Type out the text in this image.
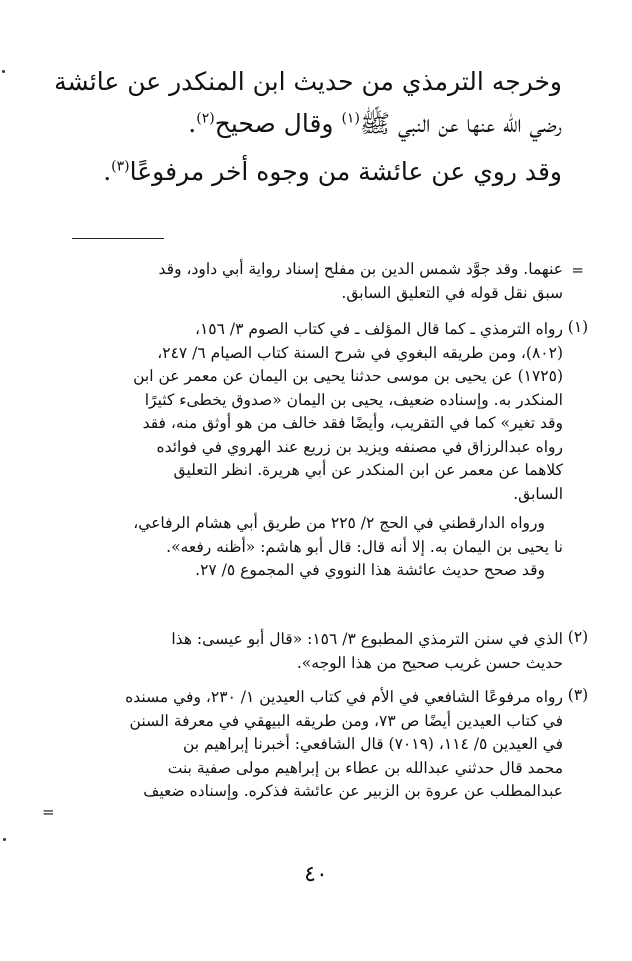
وخرجه الترمذي من حديث ابن المنكدر عن عائشة
رضي الله عنها عن النبي ﷺ$^{(١)}$ وقال صحيح$^{(٢)}$.
وقد روي عن عائشة من وجوه أخر مرفوعًا$^{(٣)}$.
=
عنهما. وقد جوَّد شمس الدين بن مفلح إسناد رواية أبي داود، وقد
سبق نقل قوله في التعليق السابق.
(١)
رواه الترمذي ـ كما قال المؤلف ـ في كتاب الصوم ٣/ ١٥٦،
(٨٠٢)، ومن طريقه البغوي في شرح السنة كتاب الصيام ٦/ ٢٤٧،
(١٧٢٥) عن يحيى بن موسى حدثنا يحيى بن اليمان عن معمر عن ابن
المنكدر به. وإسناده ضعيف، يحيى بن اليمان «صدوق يخطىء كثيرًا
وقد تغير» كما في التقريب، وأيضًا فقد خالف من هو أوثق منه، فقد
رواه عبدالرزاق في مصنفه ويزيد بن زريع عند الهروي في فوائده
كلاهما عن معمر عن ابن المنكدر عن أبي هريرة. انظر التعليق
السابق.
ورواه الدارقطني في الحج ٢/ ٢٢٥ من طريق أبي هشام الرفاعي،
نا يحيى بن اليمان به. إلا أنه قال: قال أبو هاشم: «أظنه رفعه».
وقد صحح حديث عائشة هذا النووي في المجموع ٥/ ٢٧.
(٢)
الذي في سنن الترمذي المطبوع ٣/ ١٥٦: «قال أبو عيسى: هذا
حديث حسن غريب صحيح من هذا الوجه».
(٣)
رواه مرفوعًا الشافعي في الأم في كتاب العيدين ١/ ٢٣٠، وفي مسنده
في كتاب العيدين أيضًا ص ٧٣، ومن طريقه البيهقي في معرفة السنن
في العيدين ٥/ ١١٤، (٧٠١٩) قال الشافعي: أخبرنا إبراهيم بن
محمد قال حدثني عبدالله بن عطاء بن إبراهيم مولى صفية بنت
عبدالمطلب عن عروة بن الزبير عن عائشة فذكره. وإسناده ضعيف
=
٤٠
